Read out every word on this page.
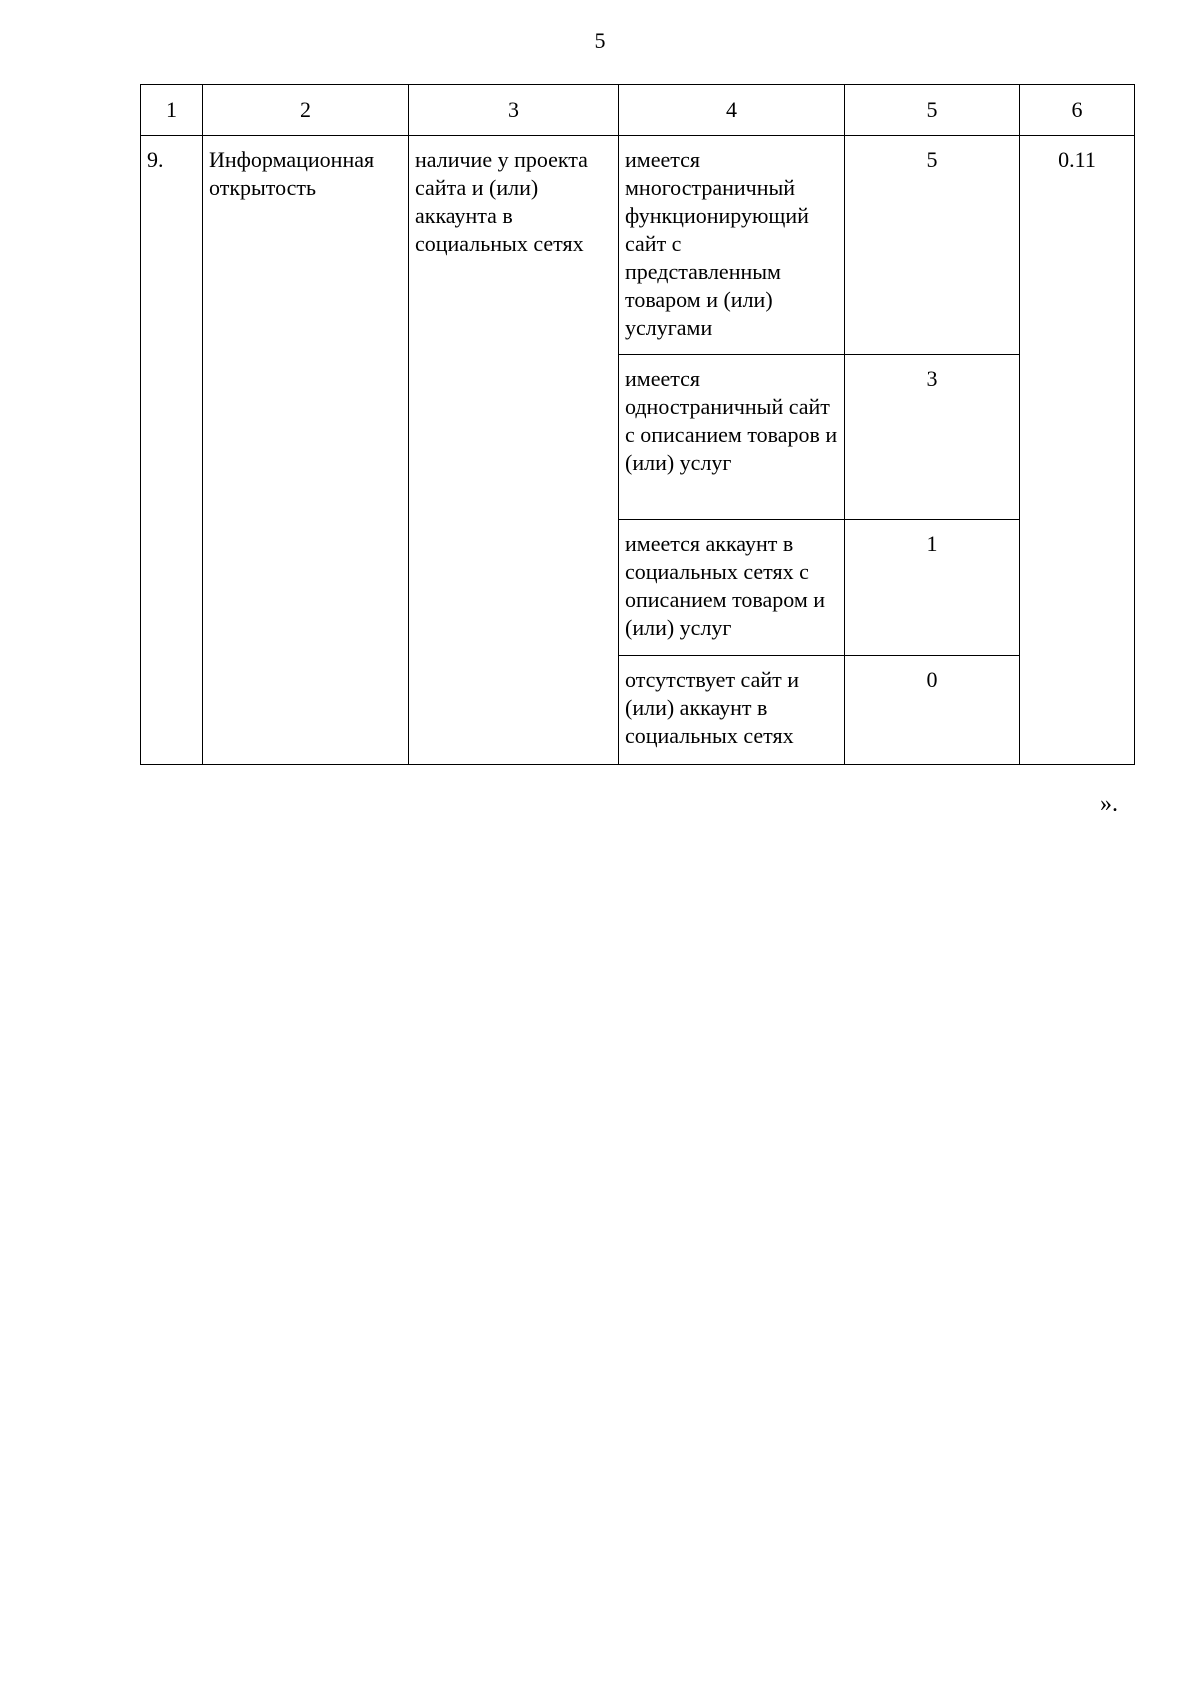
5
1	2	3	4	5	6
9.	Информационная открытость	наличие у проекта сайта и (или) аккаунта в социальных сетях	имеется многостраничный функционирующий сайт с представленным товаром и (или) услугами	5	0.11
			имеется одностраничный сайт с описанием товаров и (или) услуг	3	
			имеется аккаунт в социальных сетях с описанием товаром и (или) услуг	1	
			отсутствует сайт и (или) аккаунт в социальных сетях	0	
».
